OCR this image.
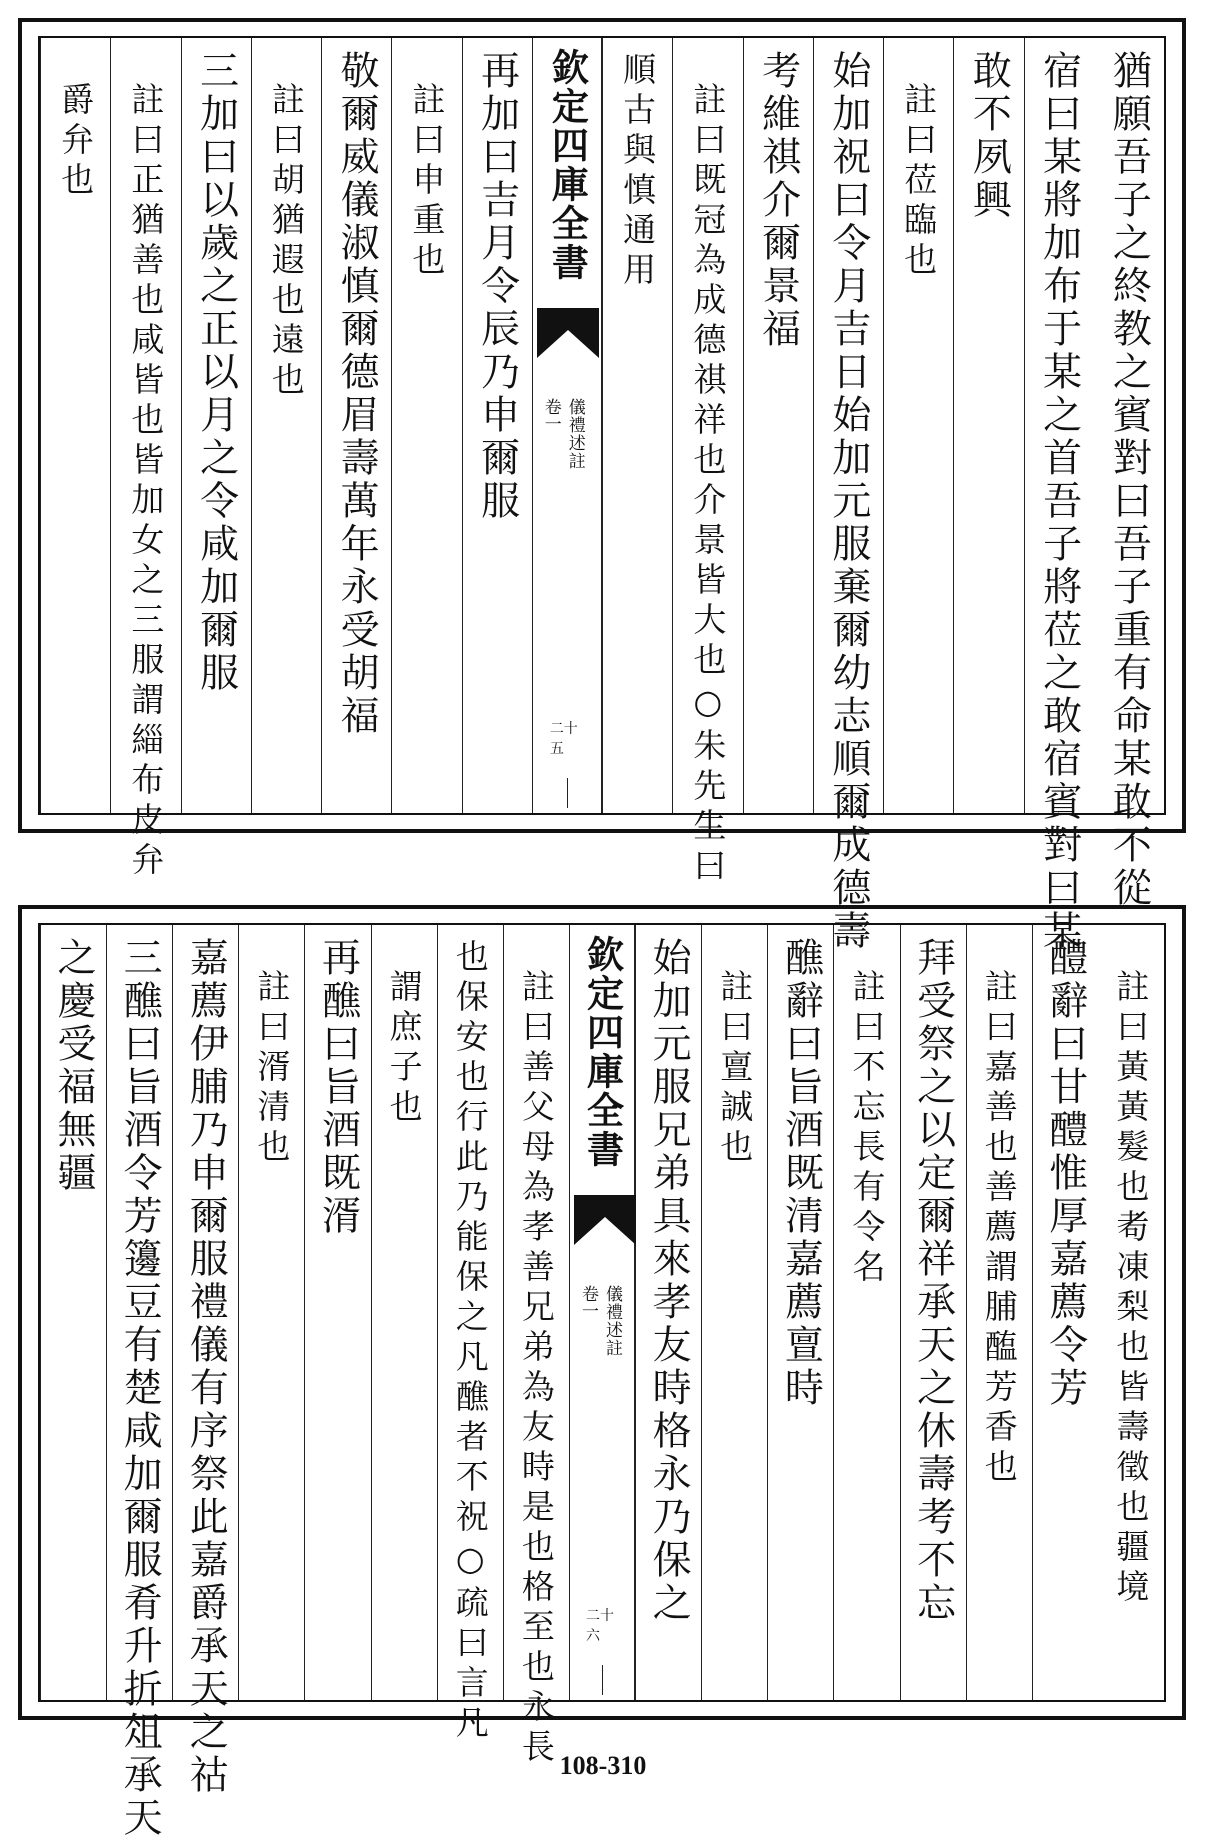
猶願吾子之終教之賓對曰吾子重有命某敢不從
宿曰某將加布于某之首吾子將莅之敢宿賓對曰某
敢不夙興
註曰莅臨也
始加祝曰令月吉日始加元服棄爾幼志順爾成德壽
考維祺介爾景福
註曰既冠為成德祺祥也介景皆大也○朱先生曰
順古與慎通用
欽定四庫全書
儀禮述註
卷一
二十五
再加曰吉月令辰乃申爾服
註曰申重也
敬爾威儀淑慎爾德眉壽萬年永受胡福
註曰胡猶遐也遠也
三加曰以歲之正以月之令咸加爾服
註曰正猶善也咸皆也皆加女之三服謂緇布皮弁
爵弁也
註曰黃黃髮也耇凍梨也皆壽徵也疆境
醴辭曰甘醴惟厚嘉薦令芳
註曰嘉善也善薦謂脯醢芳香也
拜受祭之以定爾祥承天之休壽考不忘
註曰不忘長有令名
醮辭曰旨酒既清嘉薦亶時
註曰亶誠也
始加元服兄弟具來孝友時格永乃保之
欽定四庫全書
儀禮述註
卷一
二十六
註曰善父母為孝善兄弟為友時是也格至也永長
也保安也行此乃能保之凡醮者不祝○疏曰言凡
謂庶子也
再醮曰旨酒既湑
註曰湑清也
嘉薦伊脯乃申爾服禮儀有序祭此嘉爵承天之祜
三醮曰旨酒令芳籩豆有楚咸加爾服肴升折俎承天
之慶受福無疆
108-310
